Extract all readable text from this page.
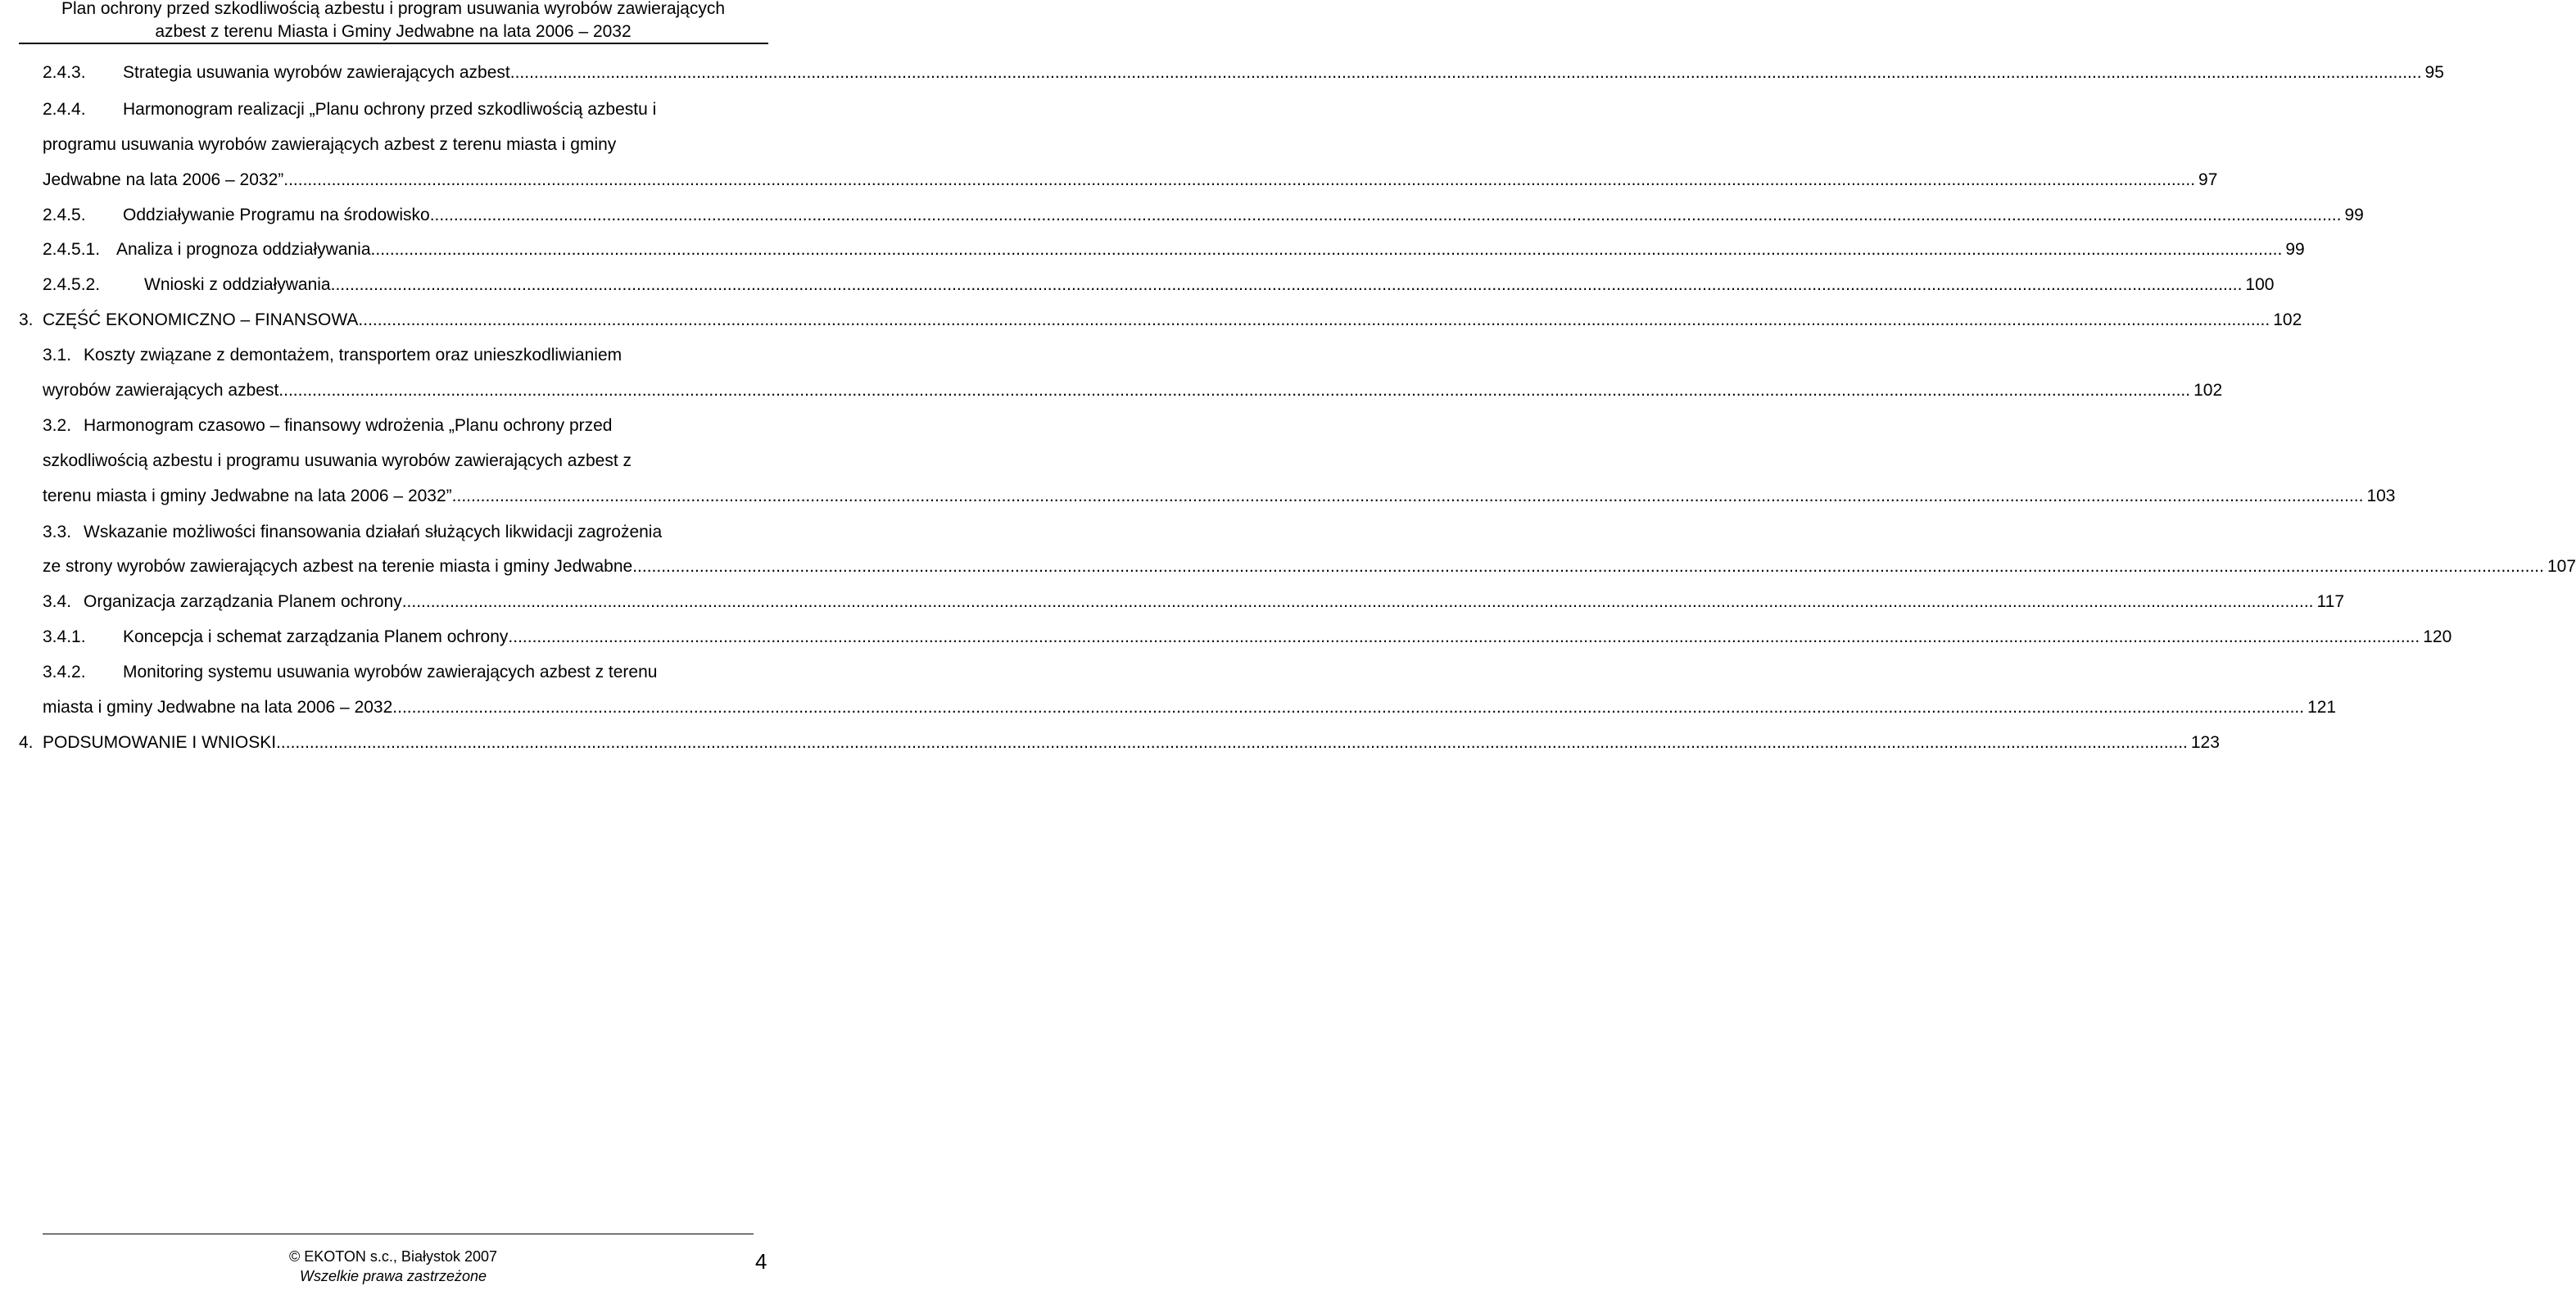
Plan ochrony przed szkodliwością azbestu i program usuwania wyrobów zawierających
azbest z terenu Miasta i Gminy Jedwabne na lata 2006 – 2032
2.4.3. Strategia usuwania wyrobów zawierających azbest ................................................................................................................................................................................................................................................................................................................................................................................................................ 95
2.4.4. Harmonogram realizacji „Planu ochrony przed szkodliwością azbestu i
programu usuwania wyrobów zawierających azbest z terenu miasta i gminy
Jedwabne na lata 2006 – 2032” ................................................................................................................................................................................................................................................................................................................................................................................................................ 97
2.4.5. Oddziaływanie Programu na środowisko ................................................................................................................................................................................................................................................................................................................................................................................................................ 99
2.4.5.1. Analiza i prognoza oddziaływania ................................................................................................................................................................................................................................................................................................................................................................................................................ 99
2.4.5.2.	Wnioski z oddziaływania ................................................................................................................................................................................................................................................................................................................................................................................................................ 100
3. CZĘŚĆ EKONOMICZNO – FINANSOWA ................................................................................................................................................................................................................................................................................................................................................................................................................ 102
3.1. Koszty związane z demontażem, transportem oraz unieszkodliwianiem
wyrobów zawierających azbest ................................................................................................................................................................................................................................................................................................................................................................................................................ 102
3.2. Harmonogram czasowo – finansowy wdrożenia „Planu ochrony przed
szkodliwością azbestu i programu usuwania wyrobów zawierających azbest z
terenu miasta i gminy Jedwabne na lata 2006 – 2032” ................................................................................................................................................................................................................................................................................................................................................................................................................ 103
3.3. Wskazanie możliwości finansowania działań służących likwidacji zagrożenia
ze strony wyrobów zawierających azbest na terenie miasta i gminy Jedwabne ................................................................................................................................................................................................................................................................................................................................................................................................................ 107
3.4. Organizacja zarządzania Planem ochrony ................................................................................................................................................................................................................................................................................................................................................................................................................ 117
3.4.1. Koncepcja i schemat zarządzania Planem ochrony ................................................................................................................................................................................................................................................................................................................................................................................................................ 120
3.4.2. Monitoring systemu usuwania wyrobów zawierających azbest z terenu
miasta i gminy Jedwabne na lata 2006 – 2032 ................................................................................................................................................................................................................................................................................................................................................................................................................ 121
4. PODSUMOWANIE I WNIOSKI ................................................................................................................................................................................................................................................................................................................................................................................................................ 123
© EKOTON s.c., Białystok 2007
Wszelkie prawa zastrzeżone
4
